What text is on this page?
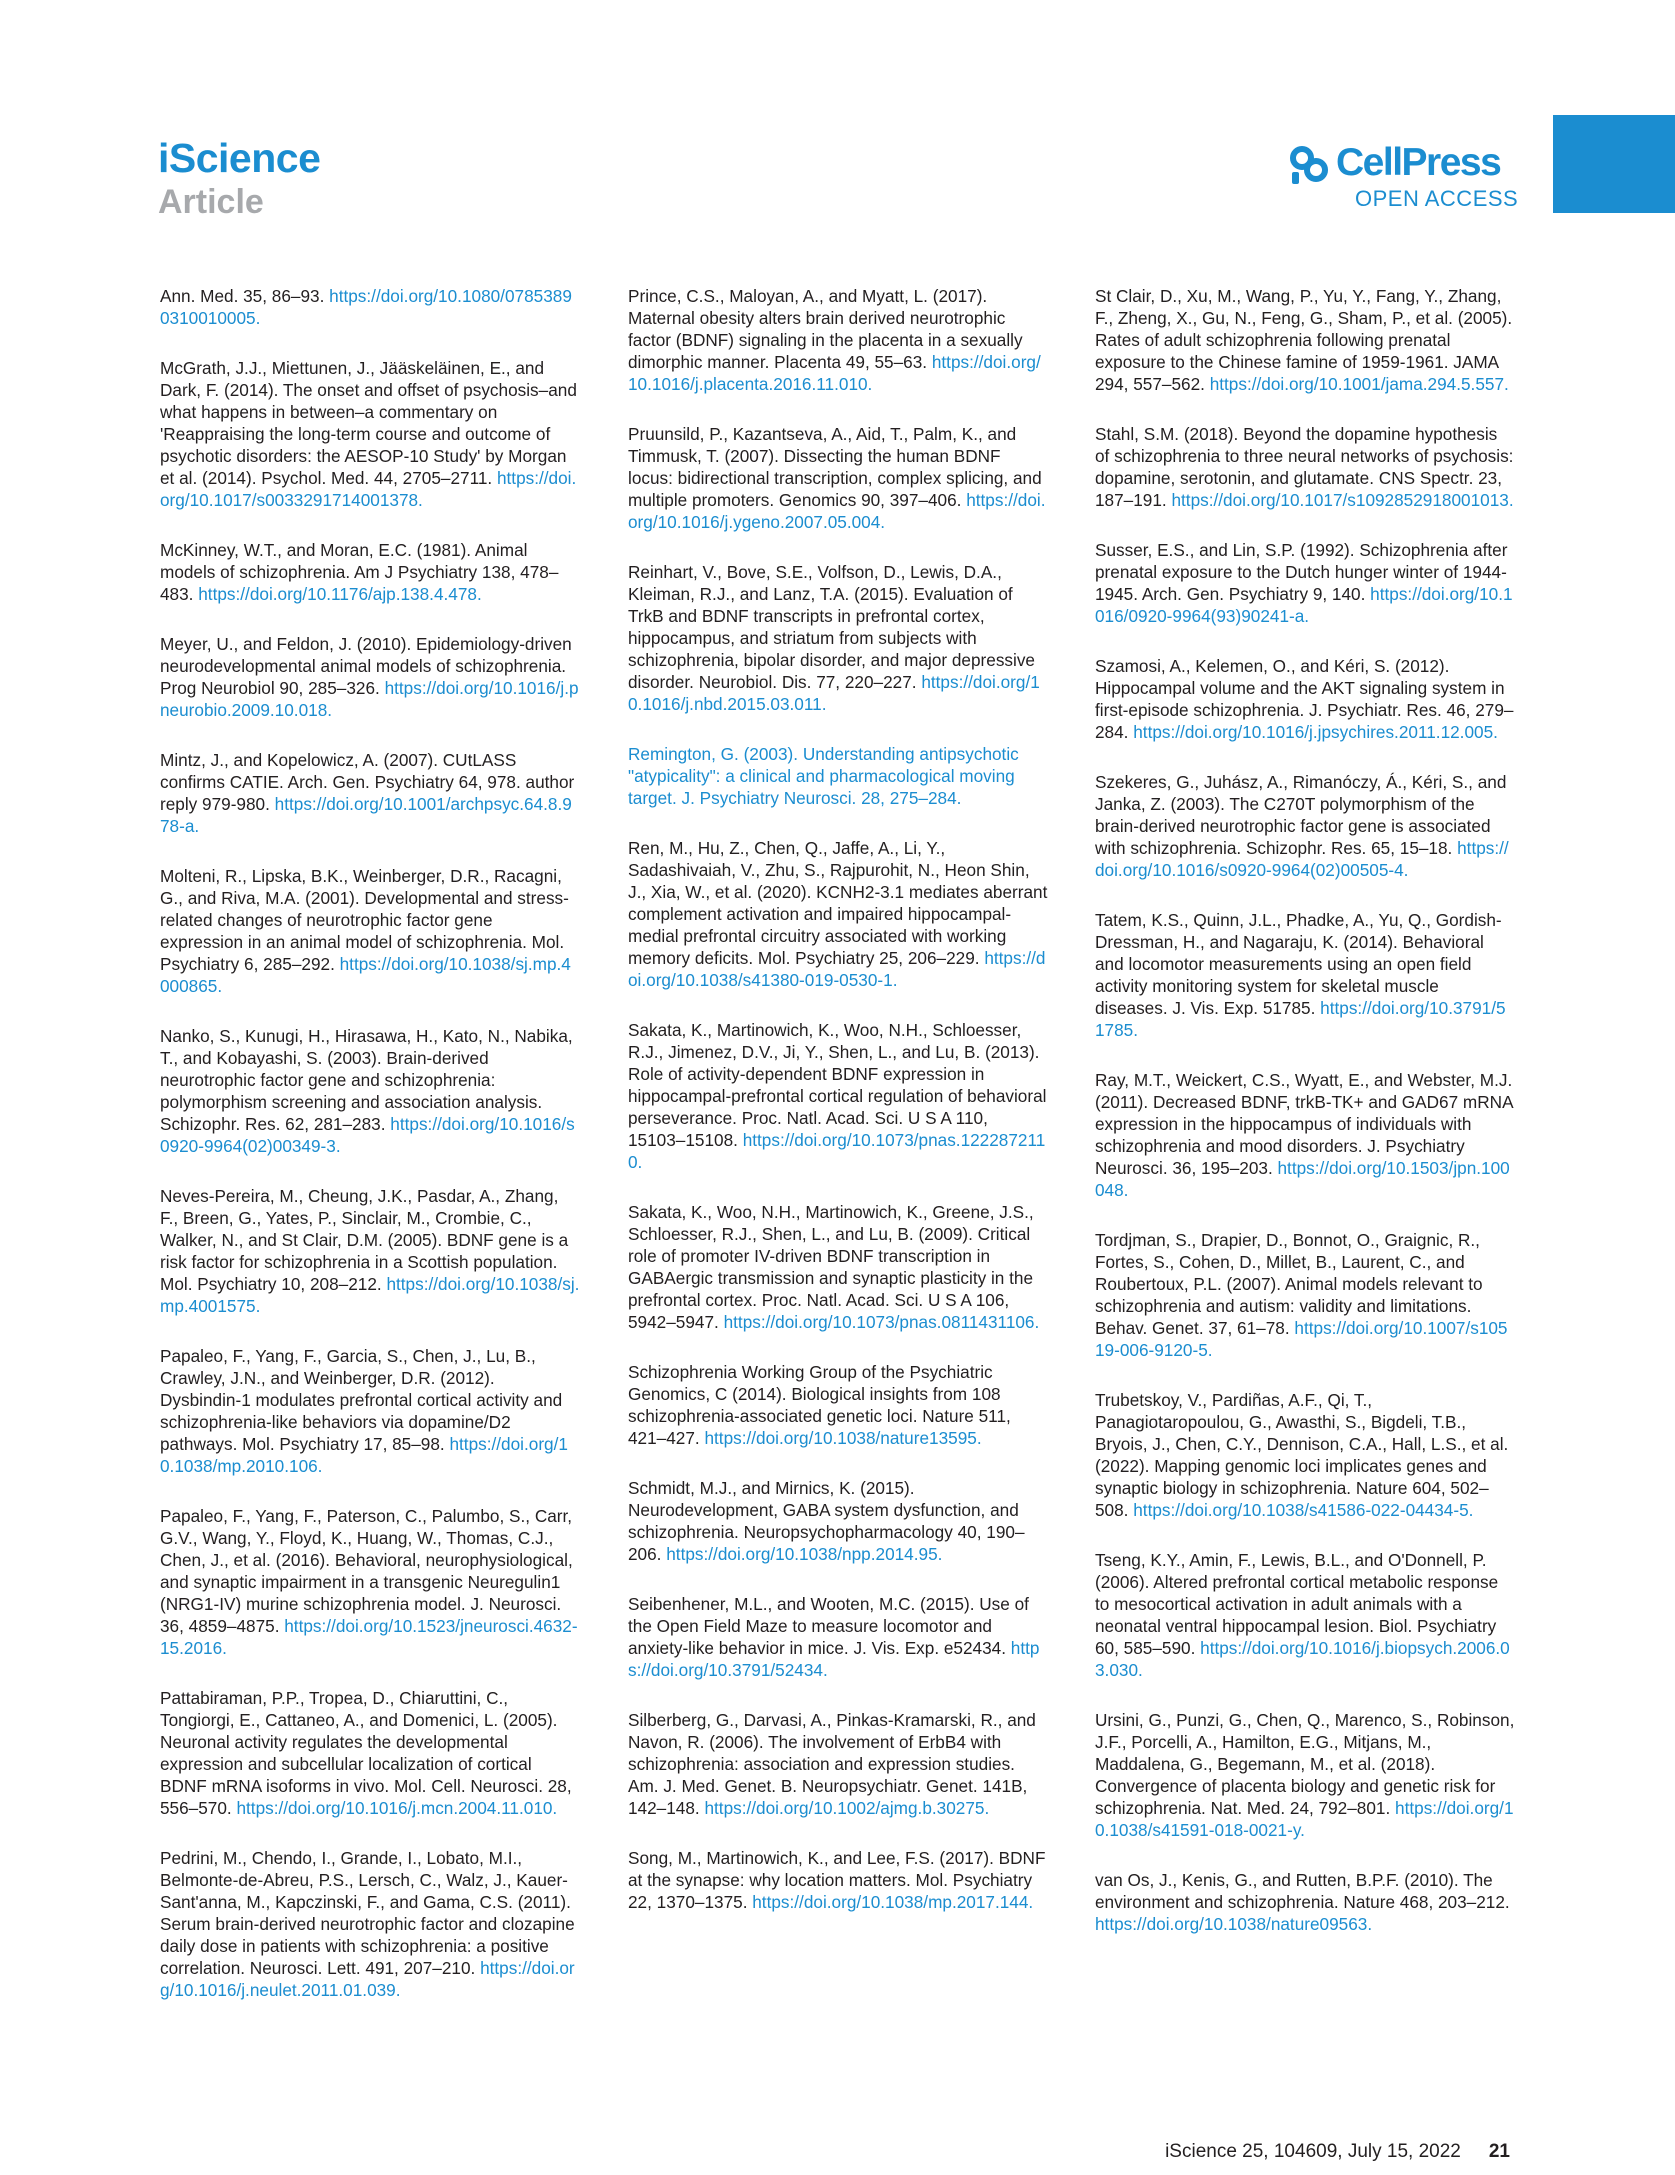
iScience
Article
CellPress
OPEN ACCESS
Ann. Med. 35, 86–93. https://doi.org/10.1080/07853890310010005.
McGrath, J.J., Miettunen, J., Jääskeläinen, E., and Dark, F. (2014). The onset and offset of psychosis–and what happens in between–a commentary on 'Reappraising the long-term course and outcome of psychotic disorders: the AESOP-10 Study' by Morgan et al. (2014). Psychol. Med. 44, 2705–2711. https://doi.org/10.1017/s0033291714001378.
McKinney, W.T., and Moran, E.C. (1981). Animal models of schizophrenia. Am J Psychiatry 138, 478–483. https://doi.org/10.1176/ajp.138.4.478.
Meyer, U., and Feldon, J. (2010). Epidemiology-driven neurodevelopmental animal models of schizophrenia. Prog Neurobiol 90, 285–326. https://doi.org/10.1016/j.pneurobio.2009.10.018.
Mintz, J., and Kopelowicz, A. (2007). CUtLASS confirms CATIE. Arch. Gen. Psychiatry 64, 978. author reply 979-980. https://doi.org/10.1001/archpsyc.64.8.978-a.
Molteni, R., Lipska, B.K., Weinberger, D.R., Racagni, G., and Riva, M.A. (2001). Developmental and stress-related changes of neurotrophic factor gene expression in an animal model of schizophrenia. Mol. Psychiatry 6, 285–292. https://doi.org/10.1038/sj.mp.4000865.
Nanko, S., Kunugi, H., Hirasawa, H., Kato, N., Nabika, T., and Kobayashi, S. (2003). Brain-derived neurotrophic factor gene and schizophrenia: polymorphism screening and association analysis. Schizophr. Res. 62, 281–283. https://doi.org/10.1016/s0920-9964(02)00349-3.
Neves-Pereira, M., Cheung, J.K., Pasdar, A., Zhang, F., Breen, G., Yates, P., Sinclair, M., Crombie, C., Walker, N., and St Clair, D.M. (2005). BDNF gene is a risk factor for schizophrenia in a Scottish population. Mol. Psychiatry 10, 208–212. https://doi.org/10.1038/sj.mp.4001575.
Papaleo, F., Yang, F., Garcia, S., Chen, J., Lu, B., Crawley, J.N., and Weinberger, D.R. (2012). Dysbindin-1 modulates prefrontal cortical activity and schizophrenia-like behaviors via dopamine/D2 pathways. Mol. Psychiatry 17, 85–98. https://doi.org/10.1038/mp.2010.106.
Papaleo, F., Yang, F., Paterson, C., Palumbo, S., Carr, G.V., Wang, Y., Floyd, K., Huang, W., Thomas, C.J., Chen, J., et al. (2016). Behavioral, neurophysiological, and synaptic impairment in a transgenic Neuregulin1 (NRG1-IV) murine schizophrenia model. J. Neurosci. 36, 4859–4875. https://doi.org/10.1523/jneurosci.4632-15.2016.
Pattabiraman, P.P., Tropea, D., Chiaruttini, C., Tongiorgi, E., Cattaneo, A., and Domenici, L. (2005). Neuronal activity regulates the developmental expression and subcellular localization of cortical BDNF mRNA isoforms in vivo. Mol. Cell. Neurosci. 28, 556–570. https://doi.org/10.1016/j.mcn.2004.11.010.
Pedrini, M., Chendo, I., Grande, I., Lobato, M.I., Belmonte-de-Abreu, P.S., Lersch, C., Walz, J., Kauer-Sant'anna, M., Kapczinski, F., and Gama, C.S. (2011). Serum brain-derived neurotrophic factor and clozapine daily dose in patients with schizophrenia: a positive correlation. Neurosci. Lett. 491, 207–210. https://doi.org/10.1016/j.neulet.2011.01.039.
Prince, C.S., Maloyan, A., and Myatt, L. (2017). Maternal obesity alters brain derived neurotrophic factor (BDNF) signaling in the placenta in a sexually dimorphic manner. Placenta 49, 55–63. https://doi.org/10.1016/j.placenta.2016.11.010.
Pruunsild, P., Kazantseva, A., Aid, T., Palm, K., and Timmusk, T. (2007). Dissecting the human BDNF locus: bidirectional transcription, complex splicing, and multiple promoters. Genomics 90, 397–406. https://doi.org/10.1016/j.ygeno.2007.05.004.
Reinhart, V., Bove, S.E., Volfson, D., Lewis, D.A., Kleiman, R.J., and Lanz, T.A. (2015). Evaluation of TrkB and BDNF transcripts in prefrontal cortex, hippocampus, and striatum from subjects with schizophrenia, bipolar disorder, and major depressive disorder. Neurobiol. Dis. 77, 220–227. https://doi.org/10.1016/j.nbd.2015.03.011.
Remington, G. (2003). Understanding antipsychotic "atypicality": a clinical and pharmacological moving target. J. Psychiatry Neurosci. 28, 275–284.
Ren, M., Hu, Z., Chen, Q., Jaffe, A., Li, Y., Sadashivaiah, V., Zhu, S., Rajpurohit, N., Heon Shin, J., Xia, W., et al. (2020). KCNH2-3.1 mediates aberrant complement activation and impaired hippocampal-medial prefrontal circuitry associated with working memory deficits. Mol. Psychiatry 25, 206–229. https://doi.org/10.1038/s41380-019-0530-1.
Sakata, K., Martinowich, K., Woo, N.H., Schloesser, R.J., Jimenez, D.V., Ji, Y., Shen, L., and Lu, B. (2013). Role of activity-dependent BDNF expression in hippocampal-prefrontal cortical regulation of behavioral perseverance. Proc. Natl. Acad. Sci. U S A 110, 15103–15108. https://doi.org/10.1073/pnas.1222872110.
Sakata, K., Woo, N.H., Martinowich, K., Greene, J.S., Schloesser, R.J., Shen, L., and Lu, B. (2009). Critical role of promoter IV-driven BDNF transcription in GABAergic transmission and synaptic plasticity in the prefrontal cortex. Proc. Natl. Acad. Sci. U S A 106, 5942–5947. https://doi.org/10.1073/pnas.0811431106.
Schizophrenia Working Group of the Psychiatric Genomics, C (2014). Biological insights from 108 schizophrenia-associated genetic loci. Nature 511, 421–427. https://doi.org/10.1038/nature13595.
Schmidt, M.J., and Mirnics, K. (2015). Neurodevelopment, GABA system dysfunction, and schizophrenia. Neuropsychopharmacology 40, 190–206. https://doi.org/10.1038/npp.2014.95.
Seibenhener, M.L., and Wooten, M.C. (2015). Use of the Open Field Maze to measure locomotor and anxiety-like behavior in mice. J. Vis. Exp. e52434. https://doi.org/10.3791/52434.
Silberberg, G., Darvasi, A., Pinkas-Kramarski, R., and Navon, R. (2006). The involvement of ErbB4 with schizophrenia: association and expression studies. Am. J. Med. Genet. B. Neuropsychiatr. Genet. 141B, 142–148. https://doi.org/10.1002/ajmg.b.30275.
Song, M., Martinowich, K., and Lee, F.S. (2017). BDNF at the synapse: why location matters. Mol. Psychiatry 22, 1370–1375. https://doi.org/10.1038/mp.2017.144.
St Clair, D., Xu, M., Wang, P., Yu, Y., Fang, Y., Zhang, F., Zheng, X., Gu, N., Feng, G., Sham, P., et al. (2005). Rates of adult schizophrenia following prenatal exposure to the Chinese famine of 1959-1961. JAMA 294, 557–562. https://doi.org/10.1001/jama.294.5.557.
Stahl, S.M. (2018). Beyond the dopamine hypothesis of schizophrenia to three neural networks of psychosis: dopamine, serotonin, and glutamate. CNS Spectr. 23, 187–191. https://doi.org/10.1017/s1092852918001013.
Susser, E.S., and Lin, S.P. (1992). Schizophrenia after prenatal exposure to the Dutch hunger winter of 1944-1945. Arch. Gen. Psychiatry 9, 140. https://doi.org/10.1016/0920-9964(93)90241-a.
Szamosi, A., Kelemen, O., and Kéri, S. (2012). Hippocampal volume and the AKT signaling system in first-episode schizophrenia. J. Psychiatr. Res. 46, 279–284. https://doi.org/10.1016/j.jpsychires.2011.12.005.
Szekeres, G., Juhász, A., Rimanóczy, Á., Kéri, S., and Janka, Z. (2003). The C270T polymorphism of the brain-derived neurotrophic factor gene is associated with schizophrenia. Schizophr. Res. 65, 15–18. https://doi.org/10.1016/s0920-9964(02)00505-4.
Tatem, K.S., Quinn, J.L., Phadke, A., Yu, Q., Gordish-Dressman, H., and Nagaraju, K. (2014). Behavioral and locomotor measurements using an open field activity monitoring system for skeletal muscle diseases. J. Vis. Exp. 51785. https://doi.org/10.3791/51785.
Ray, M.T., Weickert, C.S., Wyatt, E., and Webster, M.J. (2011). Decreased BDNF, trkB-TK+ and GAD67 mRNA expression in the hippocampus of individuals with schizophrenia and mood disorders. J. Psychiatry Neurosci. 36, 195–203. https://doi.org/10.1503/jpn.100048.
Tordjman, S., Drapier, D., Bonnot, O., Graignic, R., Fortes, S., Cohen, D., Millet, B., Laurent, C., and Roubertoux, P.L. (2007). Animal models relevant to schizophrenia and autism: validity and limitations. Behav. Genet. 37, 61–78. https://doi.org/10.1007/s10519-006-9120-5.
Trubetskoy, V., Pardiñas, A.F., Qi, T., Panagiotaropoulou, G., Awasthi, S., Bigdeli, T.B., Bryois, J., Chen, C.Y., Dennison, C.A., Hall, L.S., et al. (2022). Mapping genomic loci implicates genes and synaptic biology in schizophrenia. Nature 604, 502–508. https://doi.org/10.1038/s41586-022-04434-5.
Tseng, K.Y., Amin, F., Lewis, B.L., and O'Donnell, P. (2006). Altered prefrontal cortical metabolic response to mesocortical activation in adult animals with a neonatal ventral hippocampal lesion. Biol. Psychiatry 60, 585–590. https://doi.org/10.1016/j.biopsych.2006.03.030.
Ursini, G., Punzi, G., Chen, Q., Marenco, S., Robinson, J.F., Porcelli, A., Hamilton, E.G., Mitjans, M., Maddalena, G., Begemann, M., et al. (2018). Convergence of placenta biology and genetic risk for schizophrenia. Nat. Med. 24, 792–801. https://doi.org/10.1038/s41591-018-0021-y.
van Os, J., Kenis, G., and Rutten, B.P.F. (2010). The environment and schizophrenia. Nature 468, 203–212. https://doi.org/10.1038/nature09563.
iScience 25, 104609, July 15, 2022 21
